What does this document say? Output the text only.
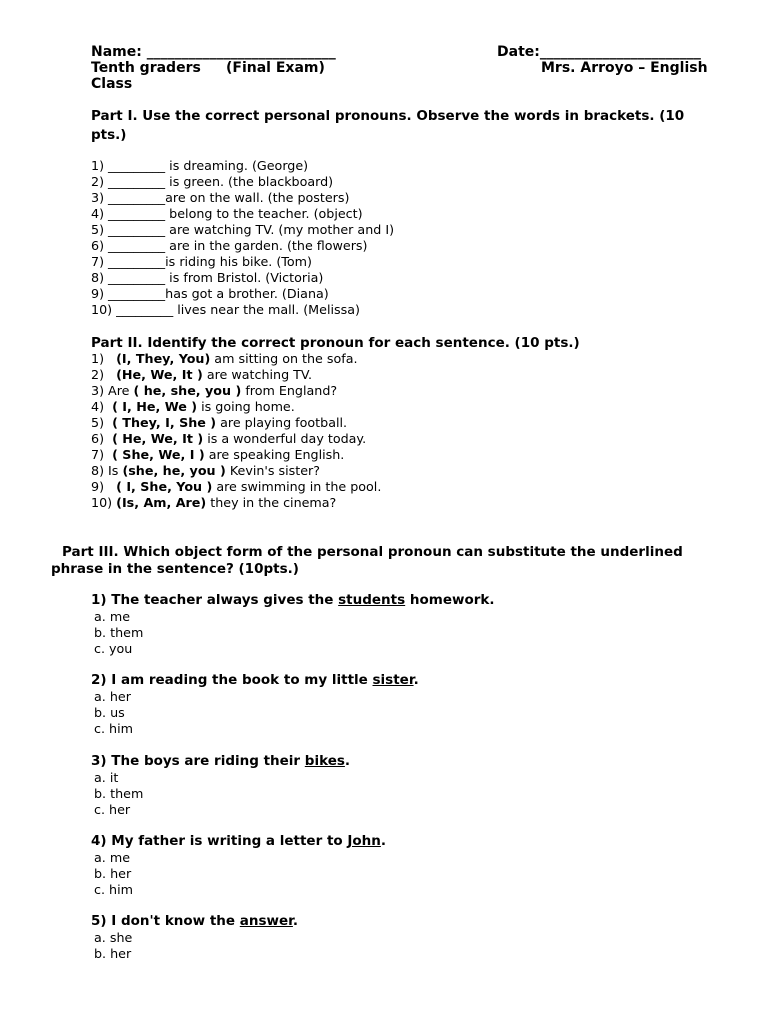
Name: ___________________________	Date:_______________________
Tenth graders (Final Exam)	Mrs. Arroyo – English
Class
Part I. Use the correct personal pronouns. Observe the words in brackets. (10
pts.)
1) _________ is dreaming. (George)
2) _________ is green. (the blackboard)
3) _________are on the wall. (the posters)
4) _________ belong to the teacher. (object)
5) _________ are watching TV. (my mother and I)
6) _________ are in the garden. (the flowers)
7) _________is riding his bike. (Tom)
8) _________ is from Bristol. (Victoria)
9) _________has got a brother. (Diana)
10) _________ lives near the mall. (Melissa)
Part II. Identify the correct pronoun for each sentence. (10 pts.)
1)   (I, They, You) am sitting on the sofa.
2)   (He, We, It ) are watching TV.
3) Are ( he, she, you ) from England?
4)  ( I, He, We ) is going home.
5)  ( They, I, She ) are playing football.
6)  ( He, We, It ) is a wonderful day today.
7)  ( She, We, I ) are speaking English.
8) Is (she, he, you ) Kevin's sister?
9)   ( I, She, You ) are swimming in the pool.
10) (Is, Am, Are) they in the cinema?
Part III. Which object form of the personal pronoun can substitute the underlined
phrase in the sentence? (10pts.)
1) The teacher always gives the students homework.
a. me
b. them
c. you
2) I am reading the book to my little sister.
a. her
b. us
c. him
3) The boys are riding their bikes.
a. it
b. them
c. her
4) My father is writing a letter to John.
a. me
b. her
c. him
5) I don't know the answer.
a. she
b. her
